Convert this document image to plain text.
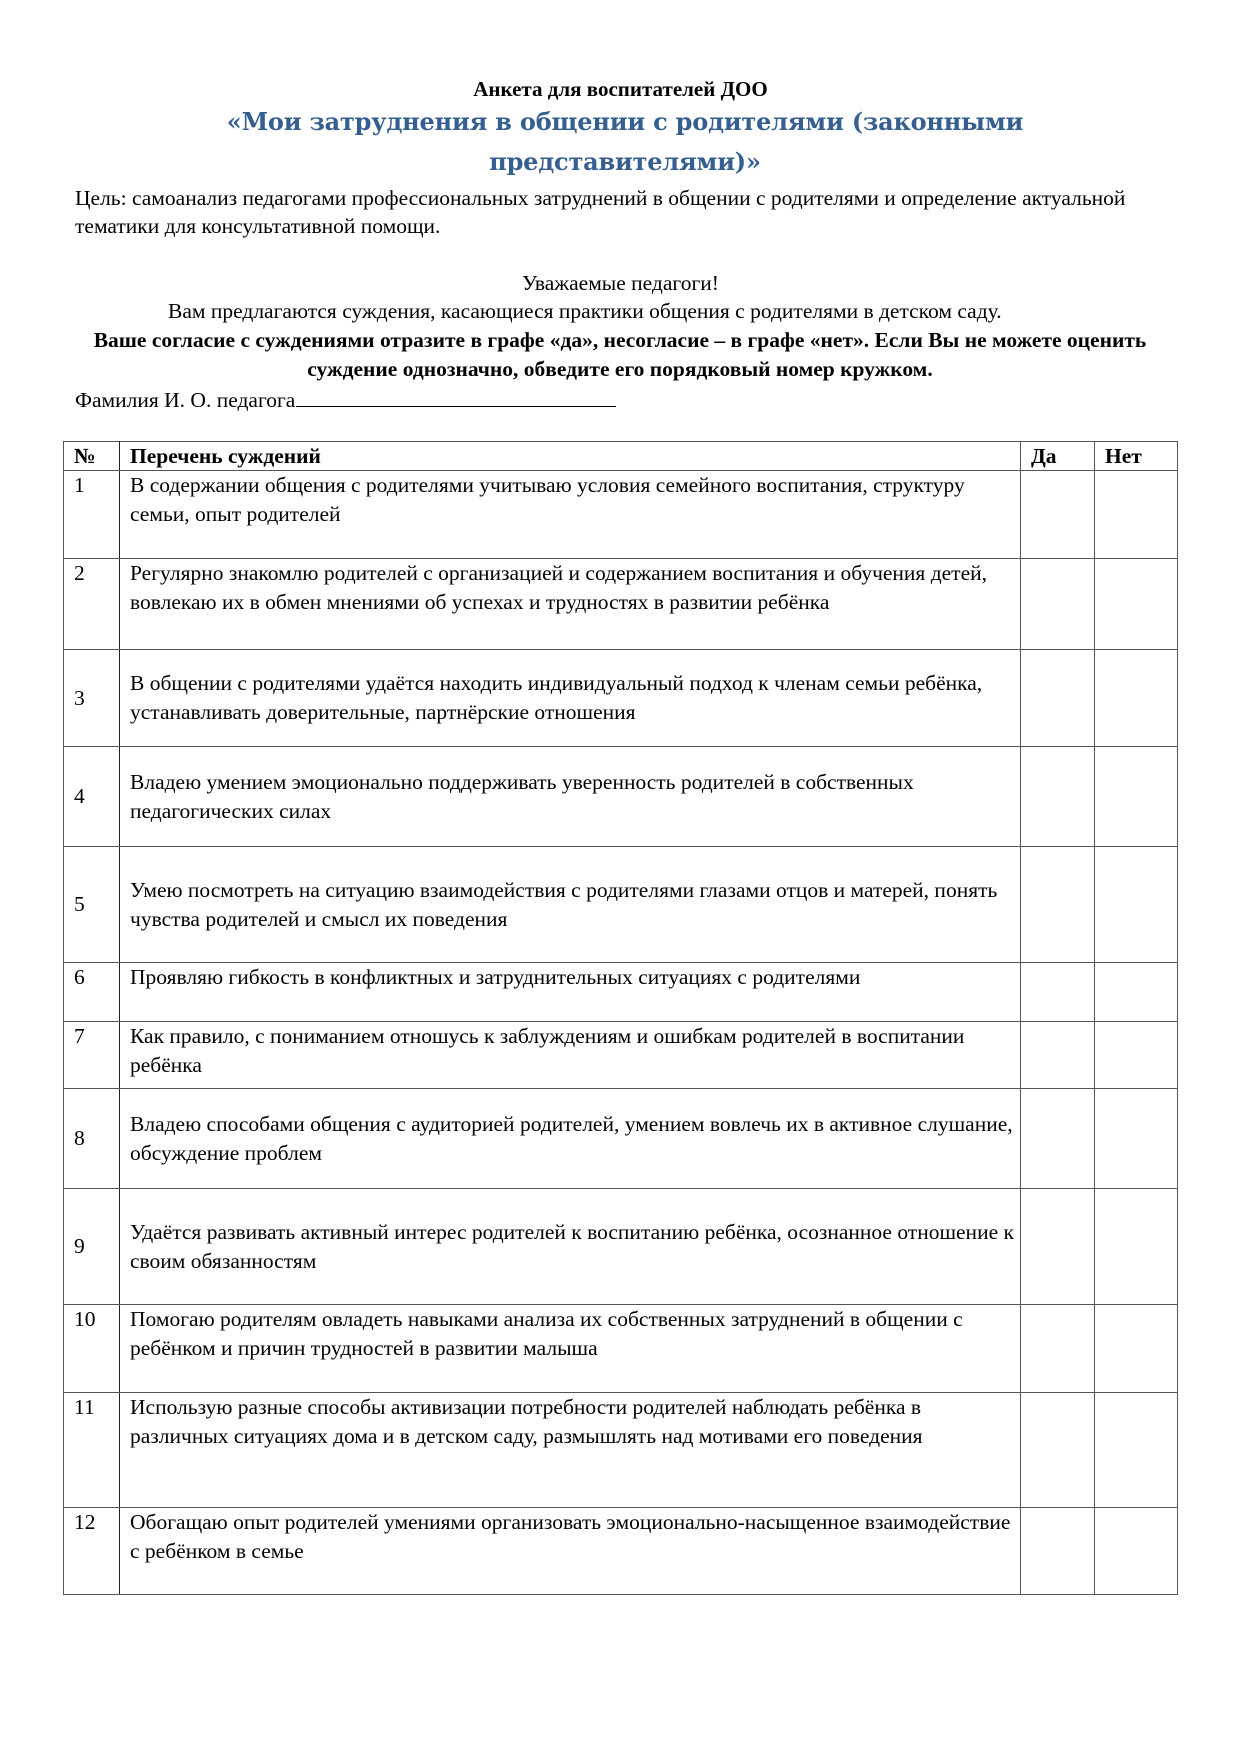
Анкета для воспитателей ДОО
«Мои затруднения в общении с родителями (законными представителями)»
Цель: самоанализ педагогами профессиональных затруднений в общении с родителями и определение актуальной тематики для консультативной помощи.
Уважаемые педагоги!
Вам предлагаются суждения, касающиеся практики общения с родителями в детском саду.
Ваше согласие с суждениями отразите в графе «да», несогласие – в графе «нет». Если Вы не можете оценить суждение однозначно, обведите его порядковый номер кружком.
Фамилия И. О. педагога
№	Перечень суждений	Да	Нет
1	В содержании общения с родителями учитываю условия семейного воспитания, структуру семьи, опыт родителей		
2	Регулярно знакомлю родителей с организацией и содержанием воспитания и обучения детей, вовлекаю их в обмен мнениями об успехах и трудностях в развитии ребёнка		
3	В общении с родителями удаётся находить индивидуальный подход к членам семьи ребёнка, устанавливать доверительные, партнёрские отношения		
4	Владею умением эмоционально поддерживать уверенность родителей в собственных педагогических силах		
5	Умею посмотреть на ситуацию взаимодействия с родителями глазами отцов и матерей, понять чувства родителей и смысл их поведения		
6	Проявляю гибкость в конфликтных и затруднительных ситуациях с родителями		
7	Как правило, с пониманием отношусь к заблуждениям и ошибкам родителей в воспитании ребёнка		
8	Владею способами общения с аудиторией родителей, умением вовлечь их в активное слушание, обсуждение проблем		
9	Удаётся развивать активный интерес родителей к воспитанию ребёнка, осознанное отношение к своим обязанностям		
10	Помогаю родителям овладеть навыками анализа их собственных затруднений в общении с ребёнком и причин трудностей в развитии малыша		
11	Использую разные способы активизации потребности родителей наблюдать ребёнка в различных ситуациях дома и в детском саду, размышлять над мотивами его поведения		
12	Обогащаю опыт родителей умениями организовать эмоционально-насыщенное взаимодействие с ребёнком в семье		
